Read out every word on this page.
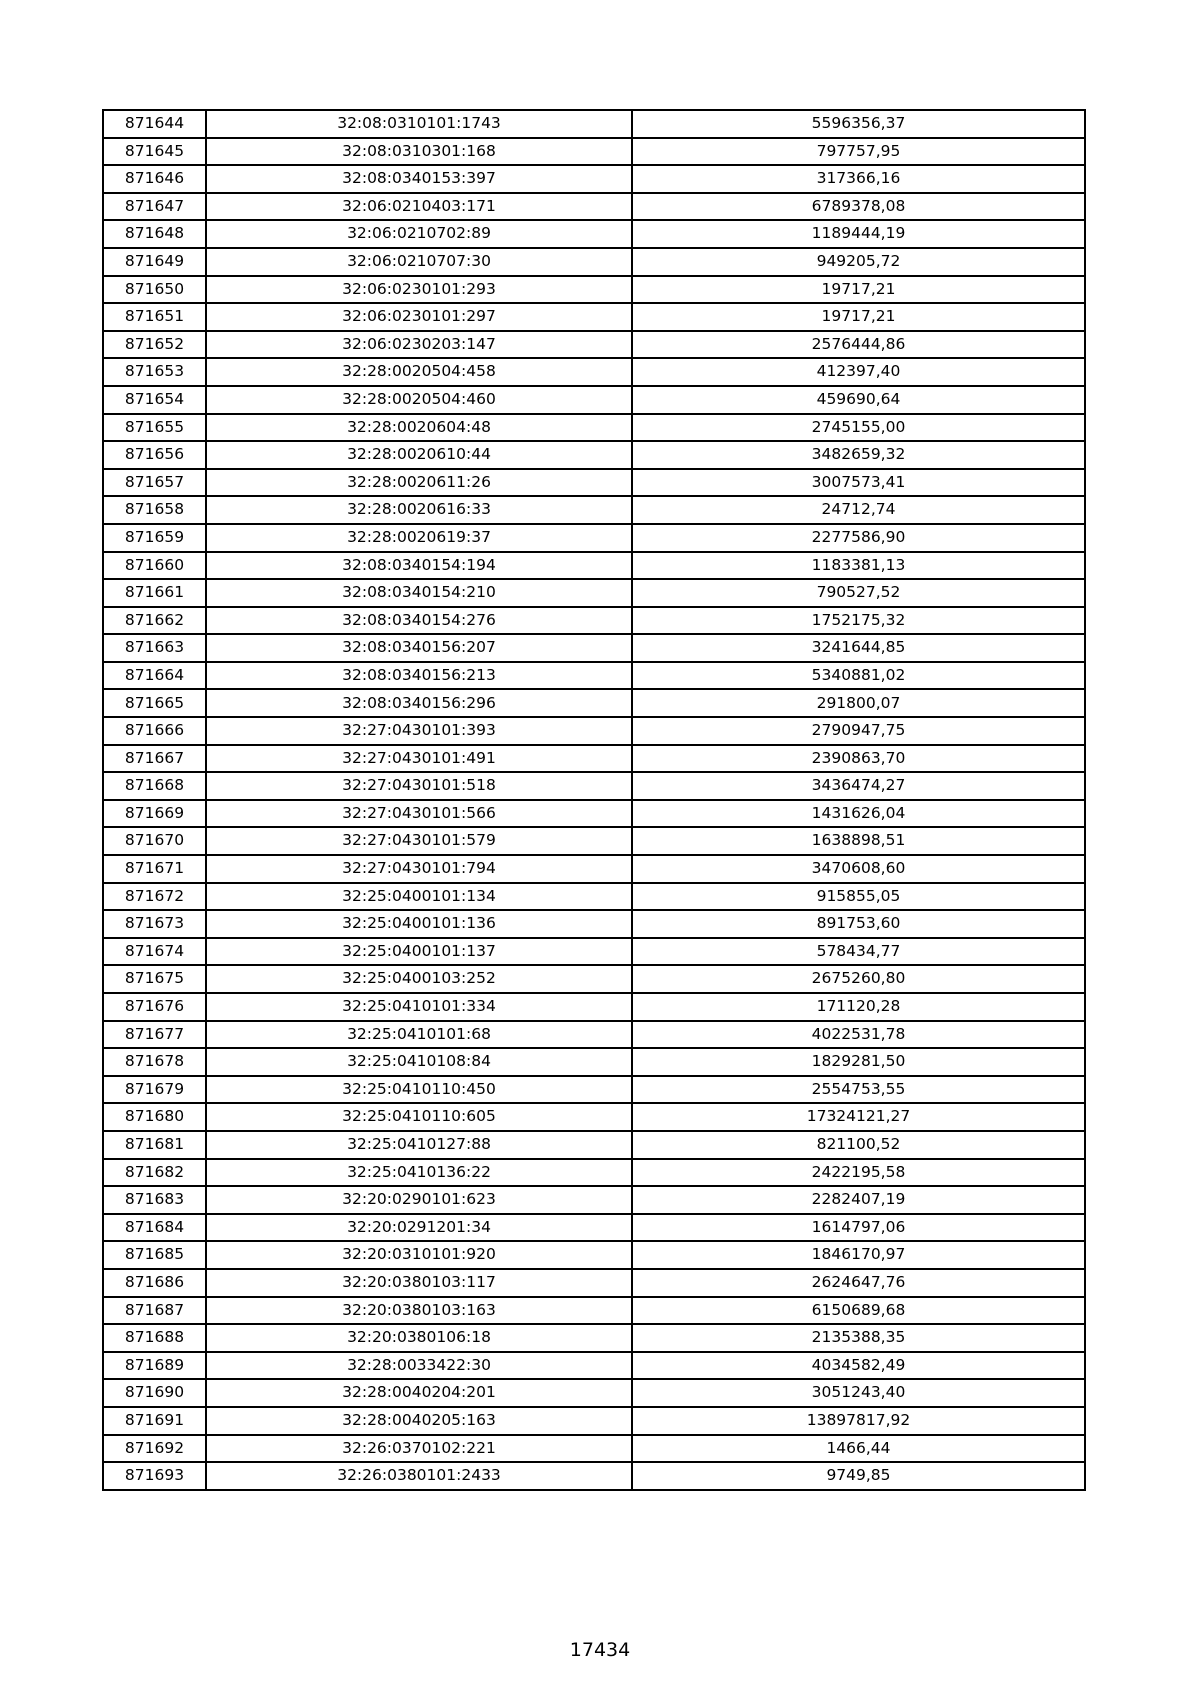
871644	32:08:0310101:1743	5596356,37
871645	32:08:0310301:168	797757,95
871646	32:08:0340153:397	317366,16
871647	32:06:0210403:171	6789378,08
871648	32:06:0210702:89	1189444,19
871649	32:06:0210707:30	949205,72
871650	32:06:0230101:293	19717,21
871651	32:06:0230101:297	19717,21
871652	32:06:0230203:147	2576444,86
871653	32:28:0020504:458	412397,40
871654	32:28:0020504:460	459690,64
871655	32:28:0020604:48	2745155,00
871656	32:28:0020610:44	3482659,32
871657	32:28:0020611:26	3007573,41
871658	32:28:0020616:33	24712,74
871659	32:28:0020619:37	2277586,90
871660	32:08:0340154:194	1183381,13
871661	32:08:0340154:210	790527,52
871662	32:08:0340154:276	1752175,32
871663	32:08:0340156:207	3241644,85
871664	32:08:0340156:213	5340881,02
871665	32:08:0340156:296	291800,07
871666	32:27:0430101:393	2790947,75
871667	32:27:0430101:491	2390863,70
871668	32:27:0430101:518	3436474,27
871669	32:27:0430101:566	1431626,04
871670	32:27:0430101:579	1638898,51
871671	32:27:0430101:794	3470608,60
871672	32:25:0400101:134	915855,05
871673	32:25:0400101:136	891753,60
871674	32:25:0400101:137	578434,77
871675	32:25:0400103:252	2675260,80
871676	32:25:0410101:334	171120,28
871677	32:25:0410101:68	4022531,78
871678	32:25:0410108:84	1829281,50
871679	32:25:0410110:450	2554753,55
871680	32:25:0410110:605	17324121,27
871681	32:25:0410127:88	821100,52
871682	32:25:0410136:22	2422195,58
871683	32:20:0290101:623	2282407,19
871684	32:20:0291201:34	1614797,06
871685	32:20:0310101:920	1846170,97
871686	32:20:0380103:117	2624647,76
871687	32:20:0380103:163	6150689,68
871688	32:20:0380106:18	2135388,35
871689	32:28:0033422:30	4034582,49
871690	32:28:0040204:201	3051243,40
871691	32:28:0040205:163	13897817,92
871692	32:26:0370102:221	1466,44
871693	32:26:0380101:2433	9749,85
17434
